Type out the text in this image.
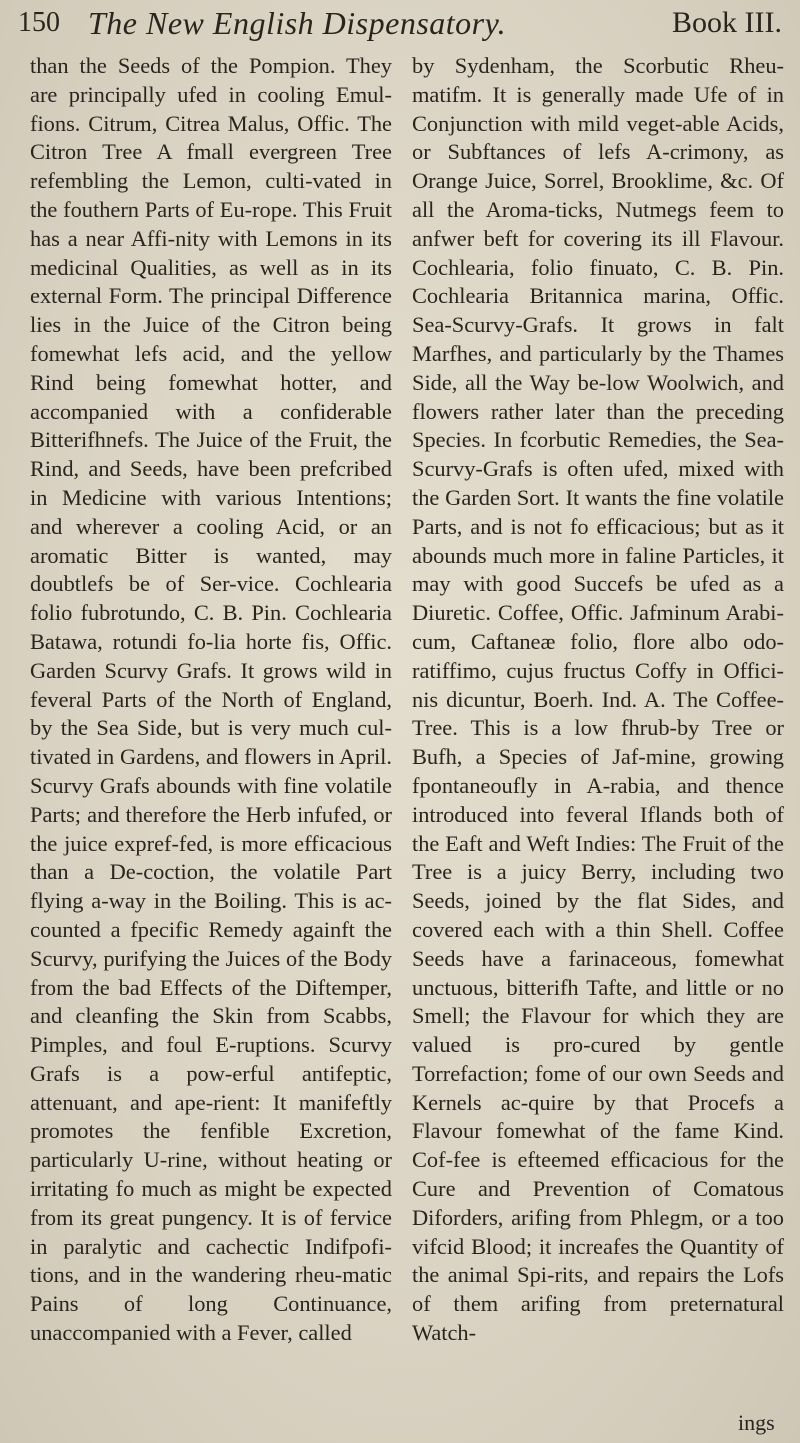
150 The New English Dispensatory.	Book III.

than the Seeds of the Pompion. They are principally ufed in cooling Emul-fions. Citrum, Citrea Malus, Offic. The Citron Tree A fmall evergreen Tree refembling the Lemon, culti-vated in the fouthern Parts of Eu-rope. This Fruit has a near Affi-nity with Lemons in its medicinal Qualities, as well as in its external Form. The principal Difference lies in the Juice of the Citron being fomewhat lefs acid, and the yellow Rind being fomewhat hotter, and accompanied with a confiderable Bitterifhnefs. The Juice of the Fruit, the Rind, and Seeds, have been prefcribed in Medicine with various Intentions; and wherever a cooling Acid, or an aromatic Bitter is wanted, may doubtlefs be of Ser-vice. Cochlearia folio fubrotundo, C. B. Pin. Cochlearia Batawa, rotundi fo-lia horte fis, Offic. Garden Scurvy Grafs. It grows wild in feveral Parts of the North of England, by the Sea Side, but is very much cul-tivated in Gardens, and flowers in April. Scurvy Grafs abounds with fine volatile Parts; and therefore the Herb infufed, or the juice expref-fed, is more efficacious than a De-coction, the volatile Part flying a-way in the Boiling. This is ac-counted a fpecific Remedy againft the Scurvy, purifying the Juices of the Body from the bad Effects of the Diftemper, and cleanfing the Skin from Scabbs, Pimples, and foul E-ruptions. Scurvy Grafs is a pow-erful antifeptic, attenuant, and ape-rient: It manifeftly promotes the fenfible Excretion, particularly U-rine, without heating or irritating fo much as might be expected from its great pungency. It is of fervice in paralytic and cachectic Indifpofi-tions, and in the wandering rheu-matic Pains of long Continuance, unaccompanied with a Fever, called

by Sydenham, the Scorbutic Rheu-matifm. It is generally made Ufe of in Conjunction with mild veget-able Acids, or Subftances of lefs A-crimony, as Orange Juice, Sorrel, Brooklime, &c. Of all the Aroma-ticks, Nutmegs feem to anfwer beft for covering its ill Flavour. Cochlearia, folio finuato, C. B. Pin. Cochlearia Britannica marina, Offic. Sea-Scurvy-Grafs. It grows in falt Marfhes, and particularly by the Thames Side, all the Way be-low Woolwich, and flowers rather later than the preceding Species. In fcorbutic Remedies, the Sea-Scurvy-Grafs is often ufed, mixed with the Garden Sort. It wants the fine volatile Parts, and is not fo efficacious; but as it abounds much more in faline Particles, it may with good Succefs be ufed as a Diuretic. Coffee, Offic. Jafminum Arabi-cum, Caftaneæ folio, flore albo odo-ratiffimo, cujus fructus Coffy in Offici-nis dicuntur, Boerh. Ind. A. The Coffee-Tree. This is a low fhrub-by Tree or Bufh, a Species of Jaf-mine, growing fpontaneoufly in A-rabia, and thence introduced into feveral Iflands both of the Eaft and Weft Indies: The Fruit of the Tree is a juicy Berry, including two Seeds, joined by the flat Sides, and covered each with a thin Shell. Coffee Seeds have a farinaceous, fomewhat unctuous, bitterifh Tafte, and little or no Smell; the Flavour for which they are valued is pro-cured by gentle Torrefaction; fome of our own Seeds and Kernels ac-quire by that Procefs a Flavour fomewhat of the fame Kind. Cof-fee is efteemed efficacious for the Cure and Prevention of Comatous Diforders, arifing from Phlegm, or a too vifcid Blood; it increafes the Quantity of the animal Spi-rits, and repairs the Lofs of them arifing from preternatural Watch-

ings
